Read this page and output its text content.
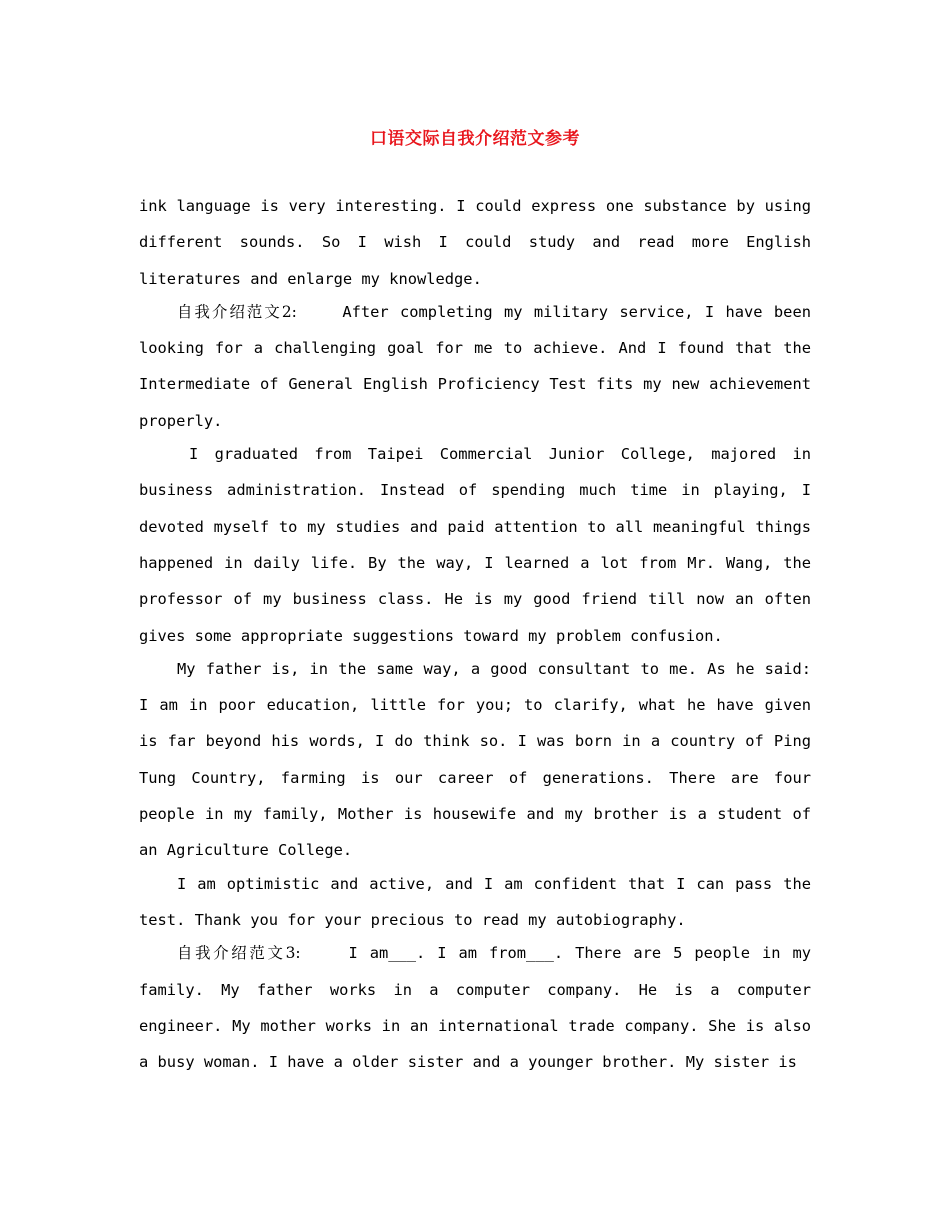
口语交际自我介绍范文参考

ink language is very interesting. I could express one substance by using different sounds. So I wish I could study and read more English literatures and enlarge my knowledge.

自我介绍范文2:	After completing my military service, I have been looking for a challenging goal for me to achieve. And I found that the Intermediate of General English Proficiency Test fits my new achievement properly.

I graduated from Taipei Commercial Junior College, majored in business administration. Instead of spending much time in playing, I devoted myself to my studies and paid attention to all meaningful things happened in daily life. By the way, I learned a lot from Mr. Wang, the professor of my business class. He is my good friend till now an often gives some appropriate suggestions toward my problem confusion.

My father is, in the same way, a good consultant to me. As he said: I am in poor education, little for you; to clarify, what he have given is far beyond his words, I do think so. I was born in a country of Ping Tung Country, farming is our career of generations. There are four people in my family, Mother is housewife and my brother is a student of an Agriculture College.

I am optimistic and active, and I am confident that I can pass the test. Thank you for your precious to read my autobiography.

自我介绍范文3:	I am___. I am from___. There are 5 people in my family. My father works in a computer company. He is a computer engineer. My mother works in an international trade company. She is also a busy woman. I have a older sister and a younger brother. My sister is
